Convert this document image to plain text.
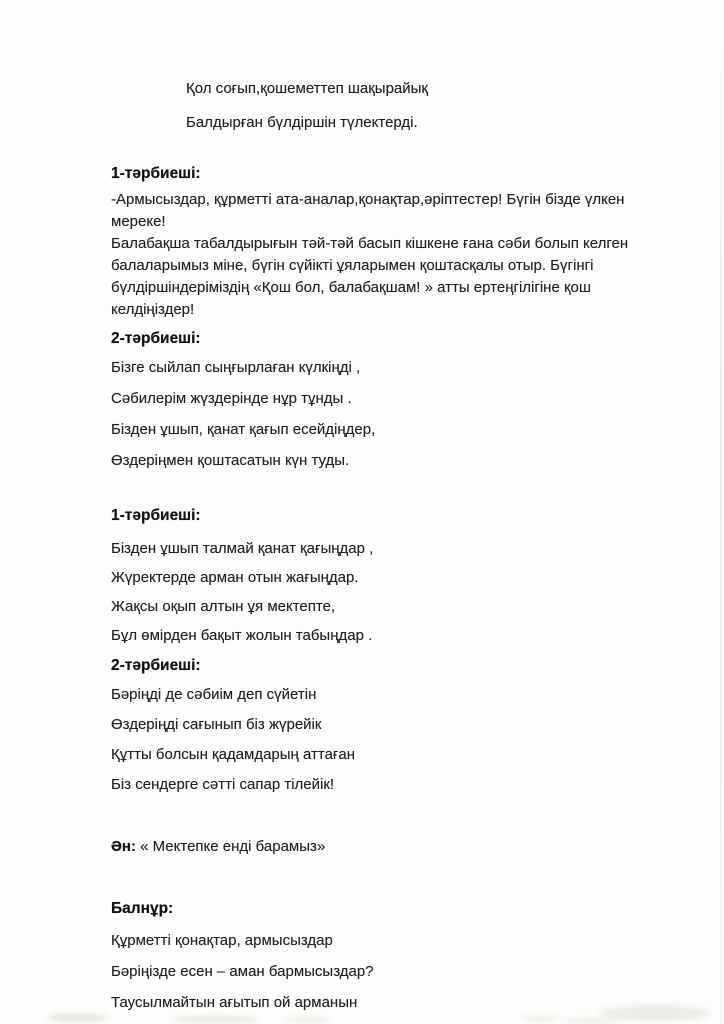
Қол соғып,қошеметтеп шақырайық
Балдырған бүлдіршін түлектерді.
1-тәрбиеші:
-Армысыздар, құрметті ата-аналар,қонақтар,әріптестер! Бүгін бізде үлкен мереке!
Балабақша табалдырығын тәй-тәй басып кішкене ғана сәби болып келген
балаларымыз міне, бүгін сүйікті ұяларымен қоштасқалы отыр. Бүгінгі
бүлдіршіндеріміздің «Қош бол, балабақшам! » атты ертеңгілігіне қош келдіңіздер!
2-тәрбиеші:
Бізге сыйлап сыңғырлаған күлкіңді ,
Сәбилерім жүздерінде нұр тұнды .
Бізден ұшып, қанат қағып есейдіңдер,
Өздеріңмен қоштасатын күн туды.
1-тәрбиеші:
Бізден ұшып талмай қанат қағыңдар ,
Жүректерде арман отын жағыңдар.
Жақсы оқып алтын ұя мектепте,
Бұл өмірден бақыт жолын табыңдар .
2-тәрбиеші:
Бәріңді де сәбиім деп сүйетін
Өздеріңді сағынып біз жүрейік
Құтты болсын қадамдарың аттаған
Біз сендерге сәтті сапар тілейік!
Ән: « Мектепке енді барамыз»
Балнұр:
Құрметті қонақтар, армысыздар
Бәріңізде есен – аман бармысыздар?
Таусылмайтын ағытып ой арманын
